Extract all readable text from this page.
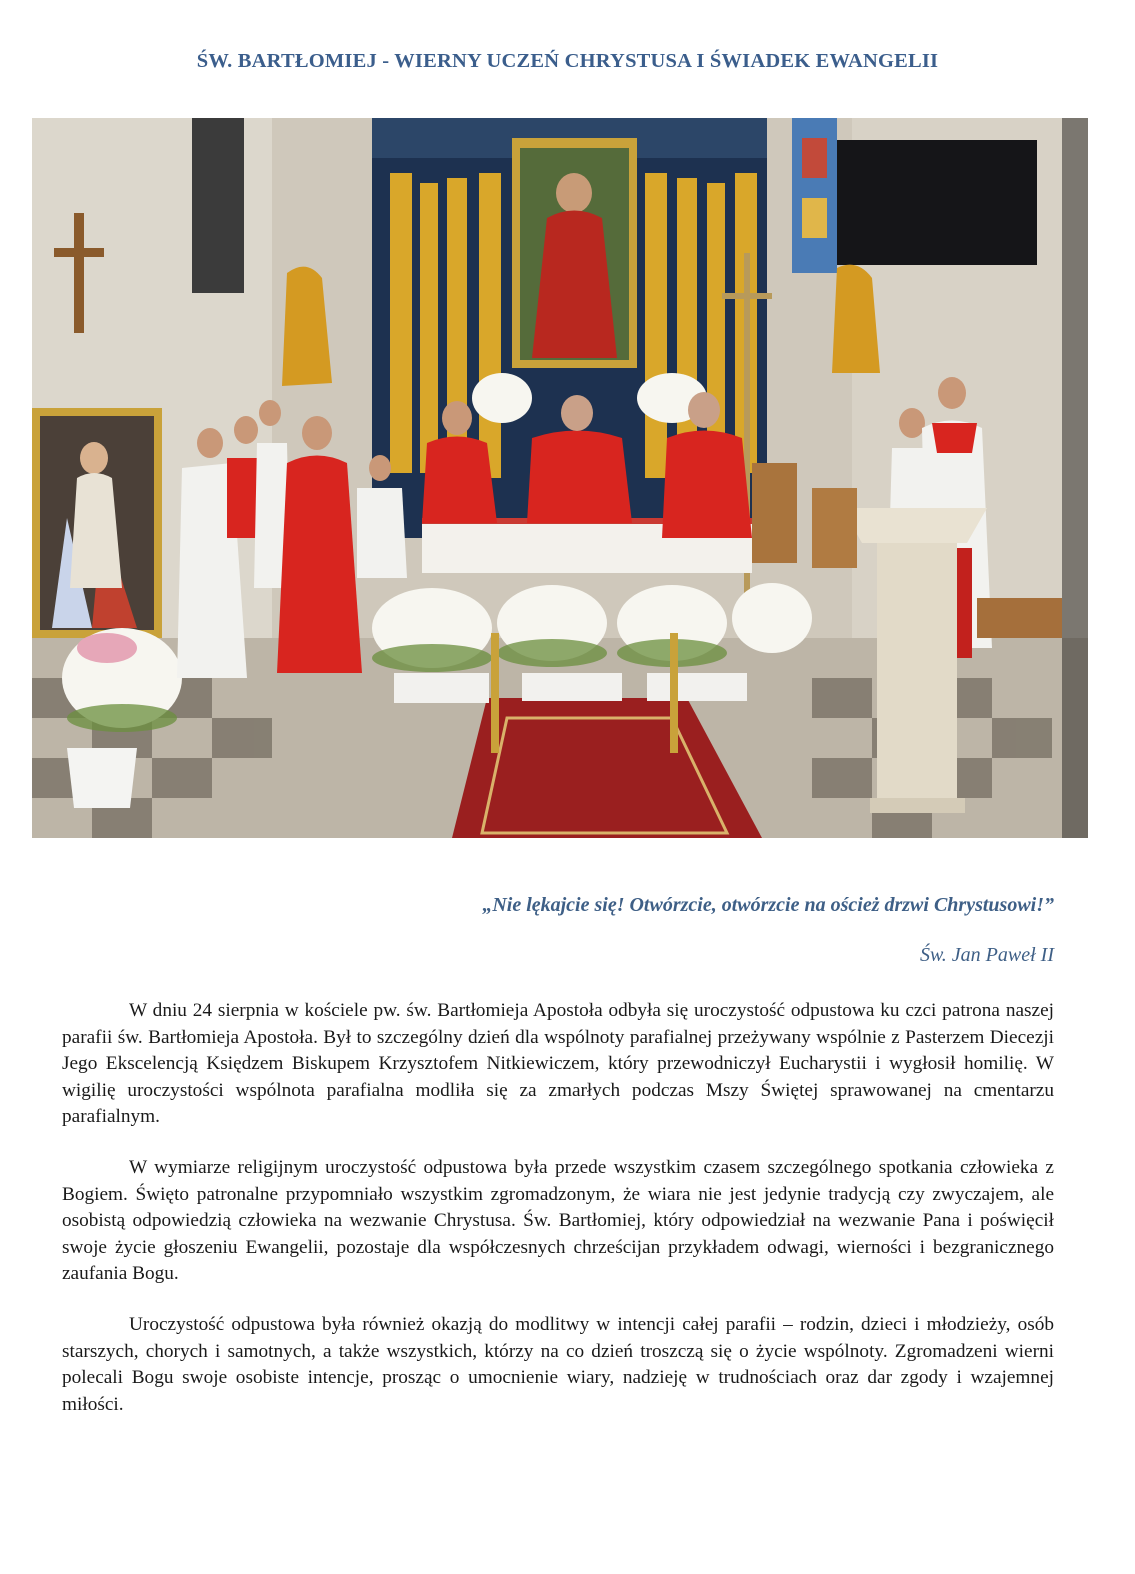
ŚW. BARTŁOMIEJ - WIERNY UCZEŃ CHRYSTUSA I ŚWIADEK EWANGELII
„Nie lękajcie się! Otwórzcie, otwórzcie na oścież drzwi Chrystusowi!”
Św. Jan Paweł II

W dniu 24 sierpnia w kościele pw. św. Bartłomieja Apostoła odbyła się uroczystość odpustowa ku czci patrona naszej parafii św. Bartłomieja Apostoła. Był to szczególny dzień dla wspólnoty parafialnej przeżywany wspólnie z Pasterzem Diecezji Jego Ekscelencją Księdzem Biskupem Krzysztofem Nitkiewiczem, który przewodniczył Eucharystii i wygłosił homilię. W wigilię uroczystości wspólnota parafialna modliła się za zmarłych podczas Mszy Świętej sprawowanej na cmentarzu parafialnym.

W wymiarze religijnym uroczystość odpustowa była przede wszystkim czasem szczególnego spotkania człowieka z Bogiem. Święto patronalne przypomniało wszystkim zgromadzonym, że wiara nie jest jedynie tradycją czy zwyczajem, ale osobistą odpowiedzią człowieka na wezwanie Chrystusa. Św. Bartłomiej, który odpowiedział na wezwanie Pana i poświęcił swoje życie głoszeniu Ewangelii, pozostaje dla współczesnych chrześcijan przykładem odwagi, wierności i bezgranicznego zaufania Bogu.

Uroczystość odpustowa była również okazją do modlitwy w intencji całej parafii – rodzin, dzieci i młodzieży, osób starszych, chorych i samotnych, a także wszystkich, którzy na co dzień troszczą się o życie wspólnoty. Zgromadzeni wierni polecali Bogu swoje osobiste intencje, prosząc o umocnienie wiary, nadzieję w trudnościach oraz dar zgody i wzajemnej miłości.
